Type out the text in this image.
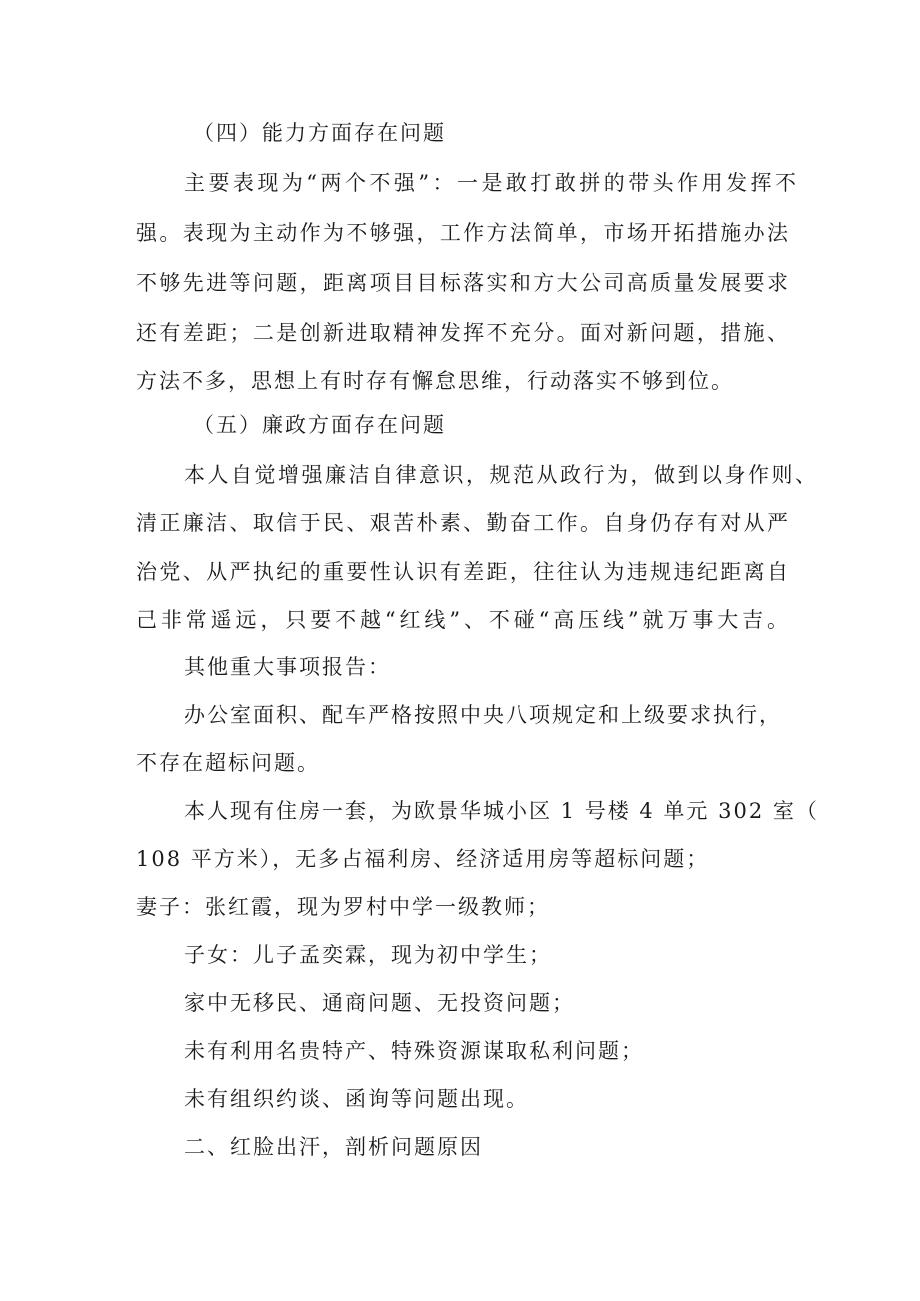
（四）能力方面存在问题
主要表现为“两个不强”：一是敢打敢拼的带头作用发挥不
强。表现为主动作为不够强，工作方法简单，市场开拓措施办法
不够先进等问题，距离项目目标落实和方大公司高质量发展要求
还有差距；二是创新进取精神发挥不充分。面对新问题，措施、
方法不多，思想上有时存有懈怠思维，行动落实不够到位。
（五）廉政方面存在问题
本人自觉增强廉洁自律意识，规范从政行为，做到以身作则、
清正廉洁、取信于民、艰苦朴素、勤奋工作。自身仍存有对从严
治党、从严执纪的重要性认识有差距，往往认为违规违纪距离自
己非常遥远，只要不越“红线”、不碰“高压线”就万事大吉。
其他重大事项报告：
办公室面积、配车严格按照中央八项规定和上级要求执行，
不存在超标问题。
本人现有住房一套，为欧景华城小区 1 号楼 4 单元 302 室（
108 平方米），无多占福利房、经济适用房等超标问题；
妻子：张红霞，现为罗村中学一级教师；
子女：儿子孟奕霖，现为初中学生；
家中无移民、通商问题、无投资问题；
未有利用名贵特产、特殊资源谋取私利问题；
未有组织约谈、函询等问题出现。
二、红脸出汗，剖析问题原因
